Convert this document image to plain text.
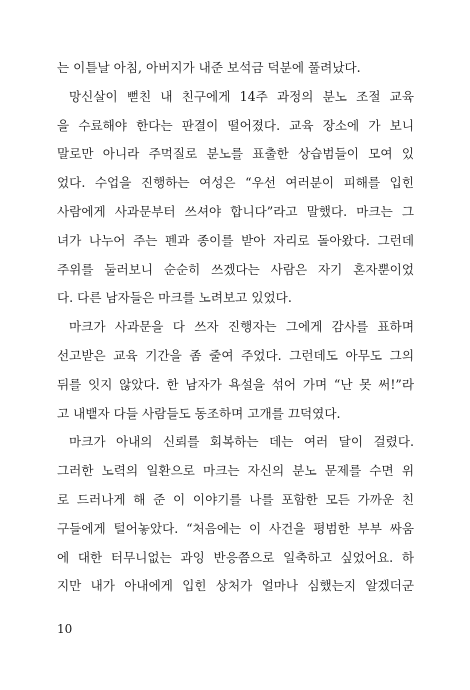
는 이튿날 아침, 아버지가 내준 보석금 덕분에 풀려났다.
망신살이 뻗친 내 친구에게 14주 과정의 분노 조절 교육
을 수료해야 한다는 판결이 떨어졌다. 교육 장소에 가 보니
말로만 아니라 주먹질로 분노를 표출한 상습범들이 모여 있
었다. 수업을 진행하는 여성은 “우선 여러분이 피해를 입힌
사람에게 사과문부터 쓰셔야 합니다”라고 말했다. 마크는 그
녀가 나누어 주는 펜과 종이를 받아 자리로 돌아왔다. 그런데
주위를 둘러보니 순순히 쓰겠다는 사람은 자기 혼자뿐이었
다. 다른 남자들은 마크를 노려보고 있었다.
마크가 사과문을 다 쓰자 진행자는 그에게 감사를 표하며
선고받은 교육 기간을 좀 줄여 주었다. 그런데도 아무도 그의
뒤를 잇지 않았다. 한 남자가 욕설을 섞어 가며 “난 못 써!”라
고 내뱉자 다들 사람들도 동조하며 고개를 끄덕였다.
마크가 아내의 신뢰를 회복하는 데는 여러 달이 걸렸다.
그러한 노력의 일환으로 마크는 자신의 분노 문제를 수면 위
로 드러나게 해 준 이 이야기를 나를 포함한 모든 가까운 친
구들에게 털어놓았다. “처음에는 이 사건을 평범한 부부 싸움
에 대한 터무니없는 과잉 반응쯤으로 일축하고 싶었어요. 하
지만 내가 아내에게 입힌 상처가 얼마나 심했는지 알겠더군
10
